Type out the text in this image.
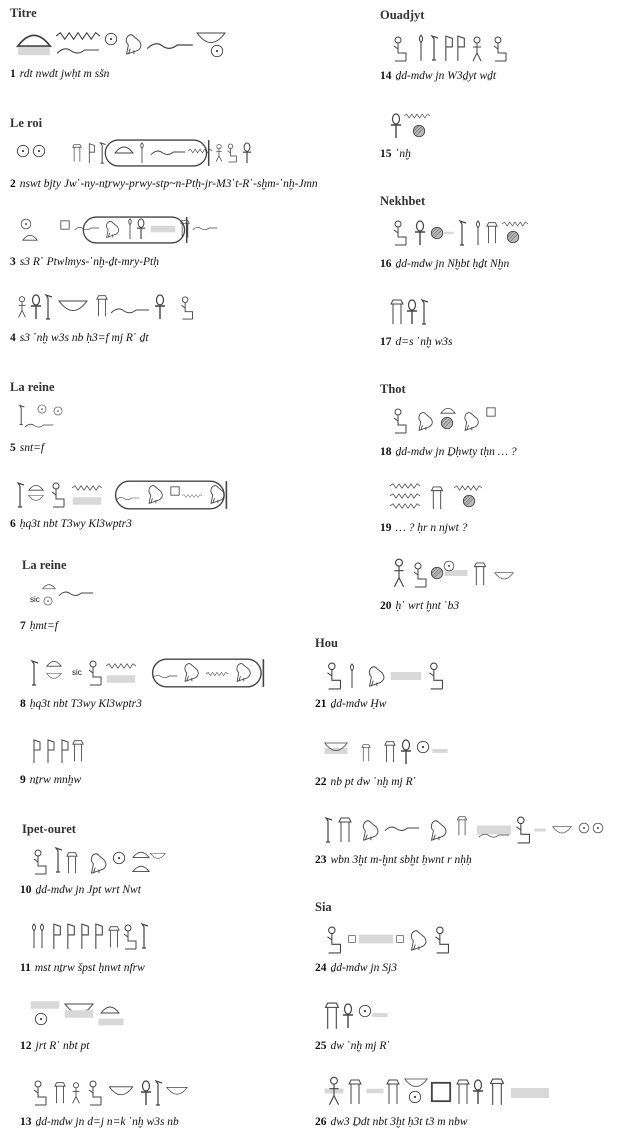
Titre
1 rdt nwdt jwḥt m sšn
Le roi
2 nswt bjty Jw῾-ny-nṯrwy-prwy-stp~n-Ptḥ-jr-M3῾t-R῾-sḫm-῾nḫ-Jmn
3 s3 R῾ Ptwlmys-῾nḫ-ḏt-mry-Ptḥ
4 s3 ῾nḫ w3s nb ḥ3=f mj R῾ ḏt
La reine
5 snt=f
6 ḥq3t nbt T3wy Kl3wptr3
La reine
sic
7 ḥmt=f
sic
8 ḥq3t nbt T3wy Kl3wptr3
9 nṯrw mnḫw
Ipet-ouret
10 ḏd-mdw jn Jpt wrt Nwt
11 mst nṯrw špst ḥnwt nfrw
12 jrt R῾ nbt pt
13 ḏd-mdw jn d=j n=k ῾nḫ w3s nb
Ouadjyt
14 ḏd-mdw jn W3ḏyt wḏt
15 ῾nḫ
Nekhbet
16 ḏd-mdw jn Nḫbt ḥḏt Nḫn
17 d=s ῾nḫ w3s
Thot
18 ḏd-mdw jn Ḏḥwty tḥn … ?
19 … ? ḥr n njwt ?
20 ḥ῾ wrt ḫnt ῾b3
Hou
21 ḏd-mdw Ḥw
22 nb pt dw ῾nḫ mj R῾
23 wbn 3ḫt m-ḫnt sbḫt ḥwnt r nḥḥ
Sia
24 ḏd-mdw jn Sj3
25 dw ῾nḫ mj R῾
26 dw3 Ḏdt nbt 3ḫt ḥ3t t3 m nbw
